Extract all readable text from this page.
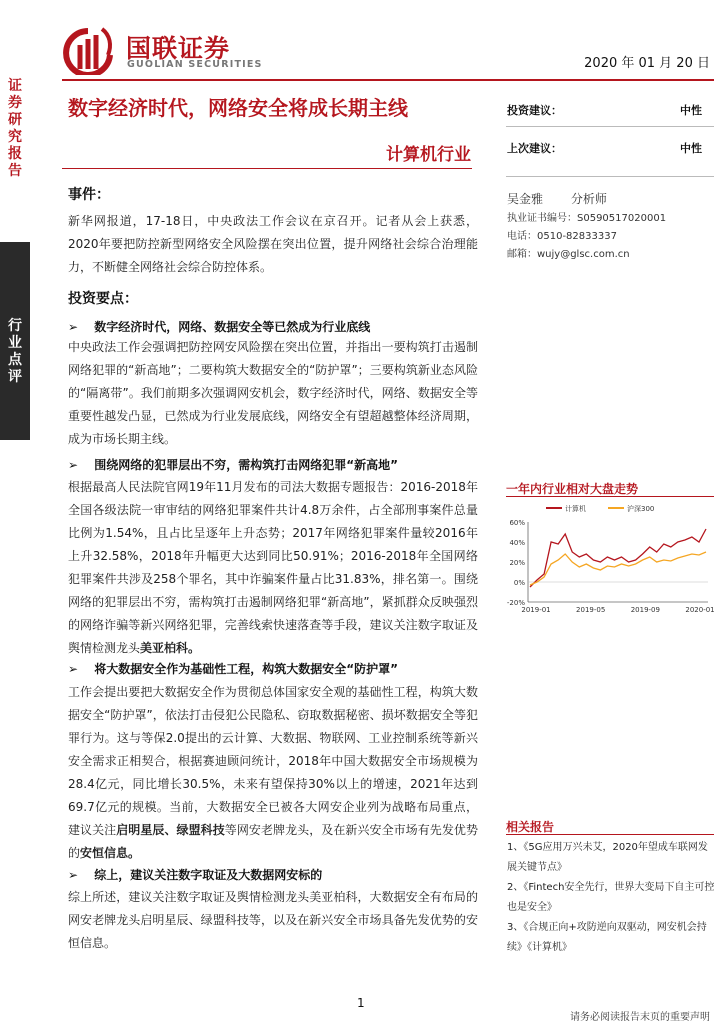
证券研究报告
行业点评
国联证券
GUOLIAN SECURITIES	2020 年 01 月 20 日
数字经济时代，网络安全将成长期主线
计算机行业
投资建议：	中性
上次建议：	中性
吴金雅 分析师
执业证书编号：S0590517020001
电话：0510-82833337
邮箱：wujy@glsc.com.cn
事件：
新华网报道，17-18日，中央政法工作会议在京召开。记者从会上获悉，2020年要把防控新型网络安全风险摆在突出位置，提升网络社会综合治理能力，不断健全网络社会综合防控体系。
投资要点：
➢ 数字经济时代，网络、数据安全等已然成为行业底线
中央政法工作会强调把防控网安风险摆在突出位置，并指出一要构筑打击遏制网络犯罪的“新高地”；二要构筑大数据安全的“防护罩”；三要构筑新业态风险的“隔离带”。我们前期多次强调网安机会，数字经济时代，网络、数据安全等重要性越发凸显，已然成为行业发展底线，网络安全有望超越整体经济周期，成为市场长期主线。
➢ 围绕网络的犯罪层出不穷，需构筑打击网络犯罪“新高地”
根据最高人民法院官网19年11月发布的司法大数据专题报告：2016-2018年全国各级法院一审审结的网络犯罪案件共计4.8万余件，占全部刑事案件总量比例为1.54%，且占比呈逐年上升态势；2017年网络犯罪案件量较2016年上升32.58%，2018年升幅更大达到同比50.91%；2016-2018年全国网络犯罪案件共涉及258个罪名，其中诈骗案件量占比31.83%，排名第一。围绕网络的犯罪层出不穷，需构筑打击遏制网络犯罪“新高地”，紧抓群众反映强烈的网络诈骗等新兴网络犯罪，完善线索快速落查等手段，建议关注数字取证及舆情检测龙头美亚柏科。
➢ 将大数据安全作为基础性工程，构筑大数据安全“防护罩”
工作会提出要把大数据安全作为贯彻总体国家安全观的基础性工程，构筑大数据安全“防护罩”，依法打击侵犯公民隐私、窃取数据秘密、损坏数据安全等犯罪行为。这与等保2.0提出的云计算、大数据、物联网、工业控制系统等新兴安全需求正相契合，根据赛迪顾问统计，2018年中国大数据安全市场规模为28.4亿元，同比增长30.5%，未来有望保持30%以上的增速，2021年达到69.7亿元的规模。当前，大数据安全已被各大网安企业列为战略布局重点，建议关注启明星辰、绿盟科技等网安老牌龙头，及在新兴安全市场有先发优势的安恒信息。
➢ 综上，建议关注数字取证及大数据网安标的
综上所述，建议关注数字取证及舆情检测龙头美亚柏科，大数据安全有布局的网安老牌龙头启明星辰、绿盟科技等，以及在新兴安全市场具备先发优势的安恒信息。
一年内行业相对大盘走势
计算机	沪深300
60%
40%
20%
0%
-20%
2019-01	2019-05	2019-09	2020-01
相关报告
1、《5G应用万兴未艾，2020年望成车联网发展关键节点》
2、《Fintech安全先行，世界大变局下自主可控也是安全》
3、《合规正向+攻防逆向双驱动，网安机会持续》《计算机》
1
请务必阅读报告末页的重要声明
